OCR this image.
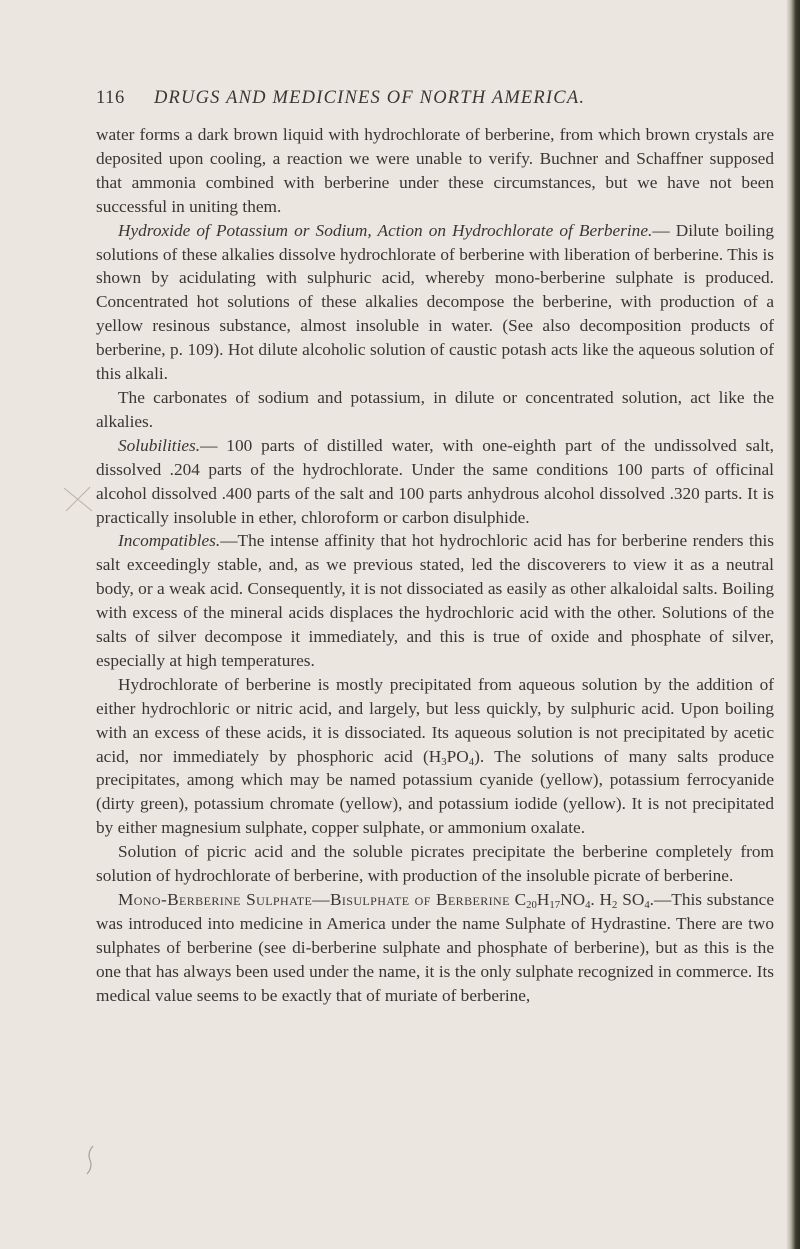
116	DRUGS AND MEDICINES OF NORTH AMERICA.

water forms a dark brown liquid with hydrochlorate of berberine, from which brown crystals are deposited upon cooling, a reaction we were unable to verify. Buchner and Schaffner supposed that ammonia combined with berberine under these circumstances, but we have not been successful in uniting them.

Hydroxide of Potassium or Sodium, Action on Hydrochlorate of Berberine.— Dilute boiling solutions of these alkalies dissolve hydrochlorate of berberine with liberation of berberine. This is shown by acidulating with sulphuric acid, whereby mono-berberine sulphate is produced. Concentrated hot solutions of these alkalies decompose the berberine, with production of a yellow resinous substance, almost insoluble in water. (See also decomposition products of berberine, p. 109). Hot dilute alcoholic solution of caustic potash acts like the aqueous solution of this alkali.

The carbonates of sodium and potassium, in dilute or concentrated solution, act like the alkalies.

Solubilities.— 100 parts of distilled water, with one-eighth part of the undissolved salt, dissolved .204 parts of the hydrochlorate. Under the same conditions 100 parts of officinal alcohol dissolved .400 parts of the salt and 100 parts anhydrous alcohol dissolved .320 parts. It is practically insoluble in ether, chloroform or carbon disulphide.

Incompatibles.—The intense affinity that hot hydrochloric acid has for berberine renders this salt exceedingly stable, and, as we previous stated, led the discoverers to view it as a neutral body, or a weak acid. Consequently, it is not dissociated as easily as other alkaloidal salts. Boiling with excess of the mineral acids displaces the hydrochloric acid with the other. Solutions of the salts of silver decompose it immediately, and this is true of oxide and phosphate of silver, especially at high temperatures.

Hydrochlorate of berberine is mostly precipitated from aqueous solution by the addition of either hydrochloric or nitric acid, and largely, but less quickly, by sulphuric acid. Upon boiling with an excess of these acids, it is dissociated. Its aqueous solution is not precipitated by acetic acid, nor immediately by phosphoric acid $(H_3PO_4)$. The solutions of many salts produce precipitates, among which may be named potassium cyanide (yellow), potassium ferrocyanide (dirty green), potassium chromate (yellow), and potassium iodide (yellow). It is not precipitated by either magnesium sulphate, copper sulphate, or ammonium oxalate.

Solution of picric acid and the soluble picrates precipitate the berberine completely from solution of hydrochlorate of berberine, with production of the insoluble picrate of berberine.

Mono-Berberine Sulphate—Bisulphate of Berberine $C_{20}H_{17}NO_4$. $H_2$ $SO_4.—This$ substance was introduced into medicine in America under the name Sulphate of Hydrastine. There are two sulphates of berberine (see di-berberine sulphate and phosphate of berberine), but as this is the one that has always been used under the name, it is the only sulphate recognized in commerce. Its medical value seems to be exactly that of muriate of berberine,
